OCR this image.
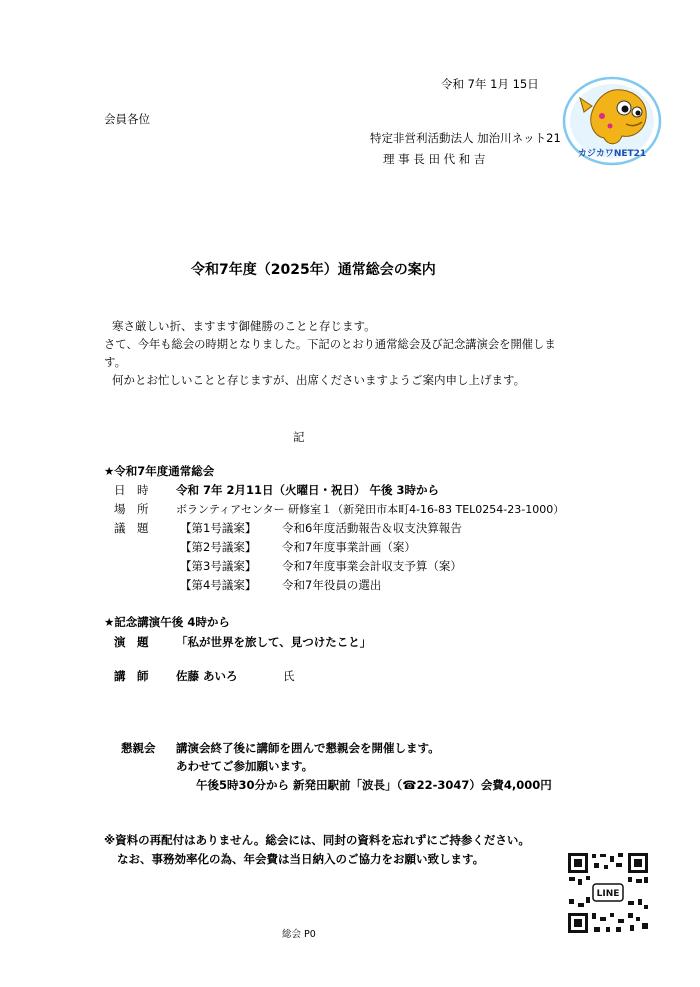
令和 7年 1月 15日
会員各位
特定非営利活動法人 加治川ネット21
理 事 長 田 代 和 吉	カジカワNET21
令和7年度（2025年）通常総会の案内
寒さ厳しい折、ますます御健勝のことと存じます。
さて、今年も総会の時期となりました。下記のとおり通常総会及び記念講演会を開催しま
す。
何かとお忙しいことと存じますが、出席くださいますようご案内申し上げます。
記
★令和7年度通常総会
日　時 令和 7年 2月11日（火曜日・祝日） 午後 3時から
場　所	ボランティアセンター 研修室１（新発田市本町4-16-83 TEL0254-23-1000）
議　題	【第1号議案】 令和6年度活動報告＆収支決算報告
【第2号議案】 令和7年度事業計画（案）
【第3号議案】 令和7年度事業会計収支予算（案）
【第4号議案】 令和7年役員の選出
★記念講演午後 4時から
演　題 「私が世界を旅して、見つけたこと」
講　師 佐藤 あいろ	氏
懇親会 講演会終了後に講師を囲んで懇親会を開催します。
あわせてご参加願います。
午後5時30分から 新発田駅前「波長」（☎22-3047）会費4,000円
※資料の再配付はありません。総会には、同封の資料を忘れずにご持参ください。
なお、事務効率化の為、年会費は当日納入のご協力をお願い致します。
LINE
総会 P0
